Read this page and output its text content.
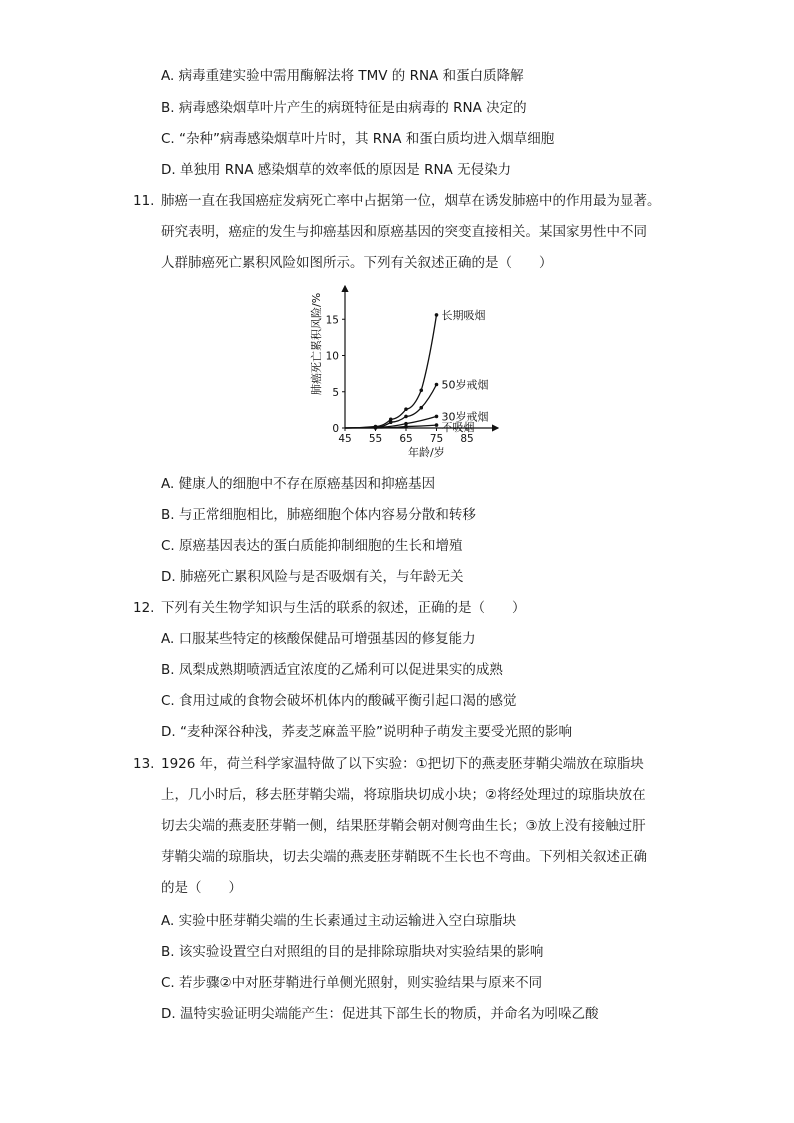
A. 病毒重建实验中需用酶解法将 TMV 的 RNA 和蛋白质降解
B. 病毒感染烟草叶片产生的病斑特征是由病毒的 RNA 决定的
C. “杂种”病毒感染烟草叶片时，其 RNA 和蛋白质均进入烟草细胞
D. 单独用 RNA 感染烟草的效率低的原因是 RNA 无侵染力
11. 肺癌一直在我国癌症发病死亡率中占据第一位，烟草在诱发肺癌中的作用最为显著。
研究表明，癌症的发生与抑癌基因和原癌基因的突变直接相关。某国家男性中不同
人群肺癌死亡累积风险如图所示。下列有关叙述正确的是（　　）
45 55 65 75 85
0
5
10
15	长期吸烟
50岁戒烟
30岁戒烟
不吸烟
肺癌死亡累积风险/%
年龄/岁
A. 健康人的细胞中不存在原癌基因和抑癌基因
B. 与正常细胞相比，肺癌细胞个体内容易分散和转移
C. 原癌基因表达的蛋白质能抑制细胞的生长和增殖
D. 肺癌死亡累积风险与是否吸烟有关，与年龄无关
12. 下列有关生物学知识与生活的联系的叙述，正确的是（　　）
A. 口服某些特定的核酸保健品可增强基因的修复能力
B. 凤梨成熟期喷洒适宜浓度的乙烯利可以促进果实的成熟
C. 食用过咸的食物会破坏机体内的酸碱平衡引起口渴的感觉
D. “麦种深谷种浅，荞麦芝麻盖平脸”说明种子萌发主要受光照的影响
13. 1926 年，荷兰科学家温特做了以下实验：①把切下的燕麦胚芽鞘尖端放在琼脂块
上，几小时后，移去胚芽鞘尖端，将琼脂块切成小块；②将经处理过的琼脂块放在
切去尖端的燕麦胚芽鞘一侧，结果胚芽鞘会朝对侧弯曲生长；③放上没有接触过肝
芽鞘尖端的琼脂块，切去尖端的燕麦胚芽鞘既不生长也不弯曲。下列相关叙述正确
的是（　　）
A. 实验中胚芽鞘尖端的生长素通过主动运输进入空白琼脂块
B. 该实验设置空白对照组的目的是排除琼脂块对实验结果的影响
C. 若步骤②中对胚芽鞘进行单侧光照射，则实验结果与原来不同
D. 温特实验证明尖端能产生：促进其下部生长的物质，并命名为吲哚乙酸
